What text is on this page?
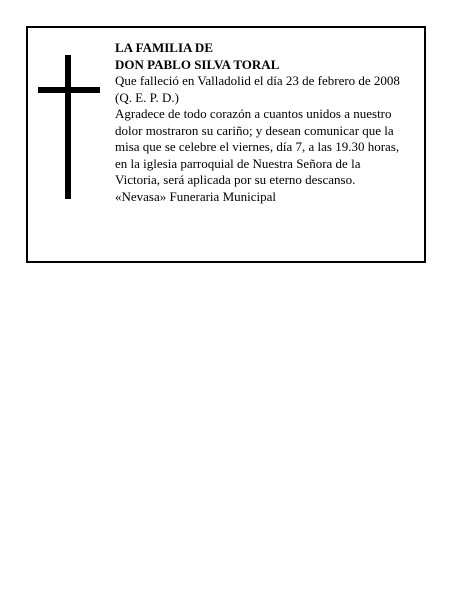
LA FAMILIA DE
DON PABLO SILVA TORAL
Que falleció en Valladolid el día 23 de febrero de 2008
(Q. E. P. D.)
Agradece de todo corazón a cuantos unidos a nuestro
dolor mostraron su cariño; y desean comunicar que la
misa que se celebre el viernes, día 7, a las 19.30 horas,
en la iglesia parroquial de Nuestra Señora de la
Victoria, será aplicada por su eterno descanso.
«Nevasa» Funeraria Municipal
